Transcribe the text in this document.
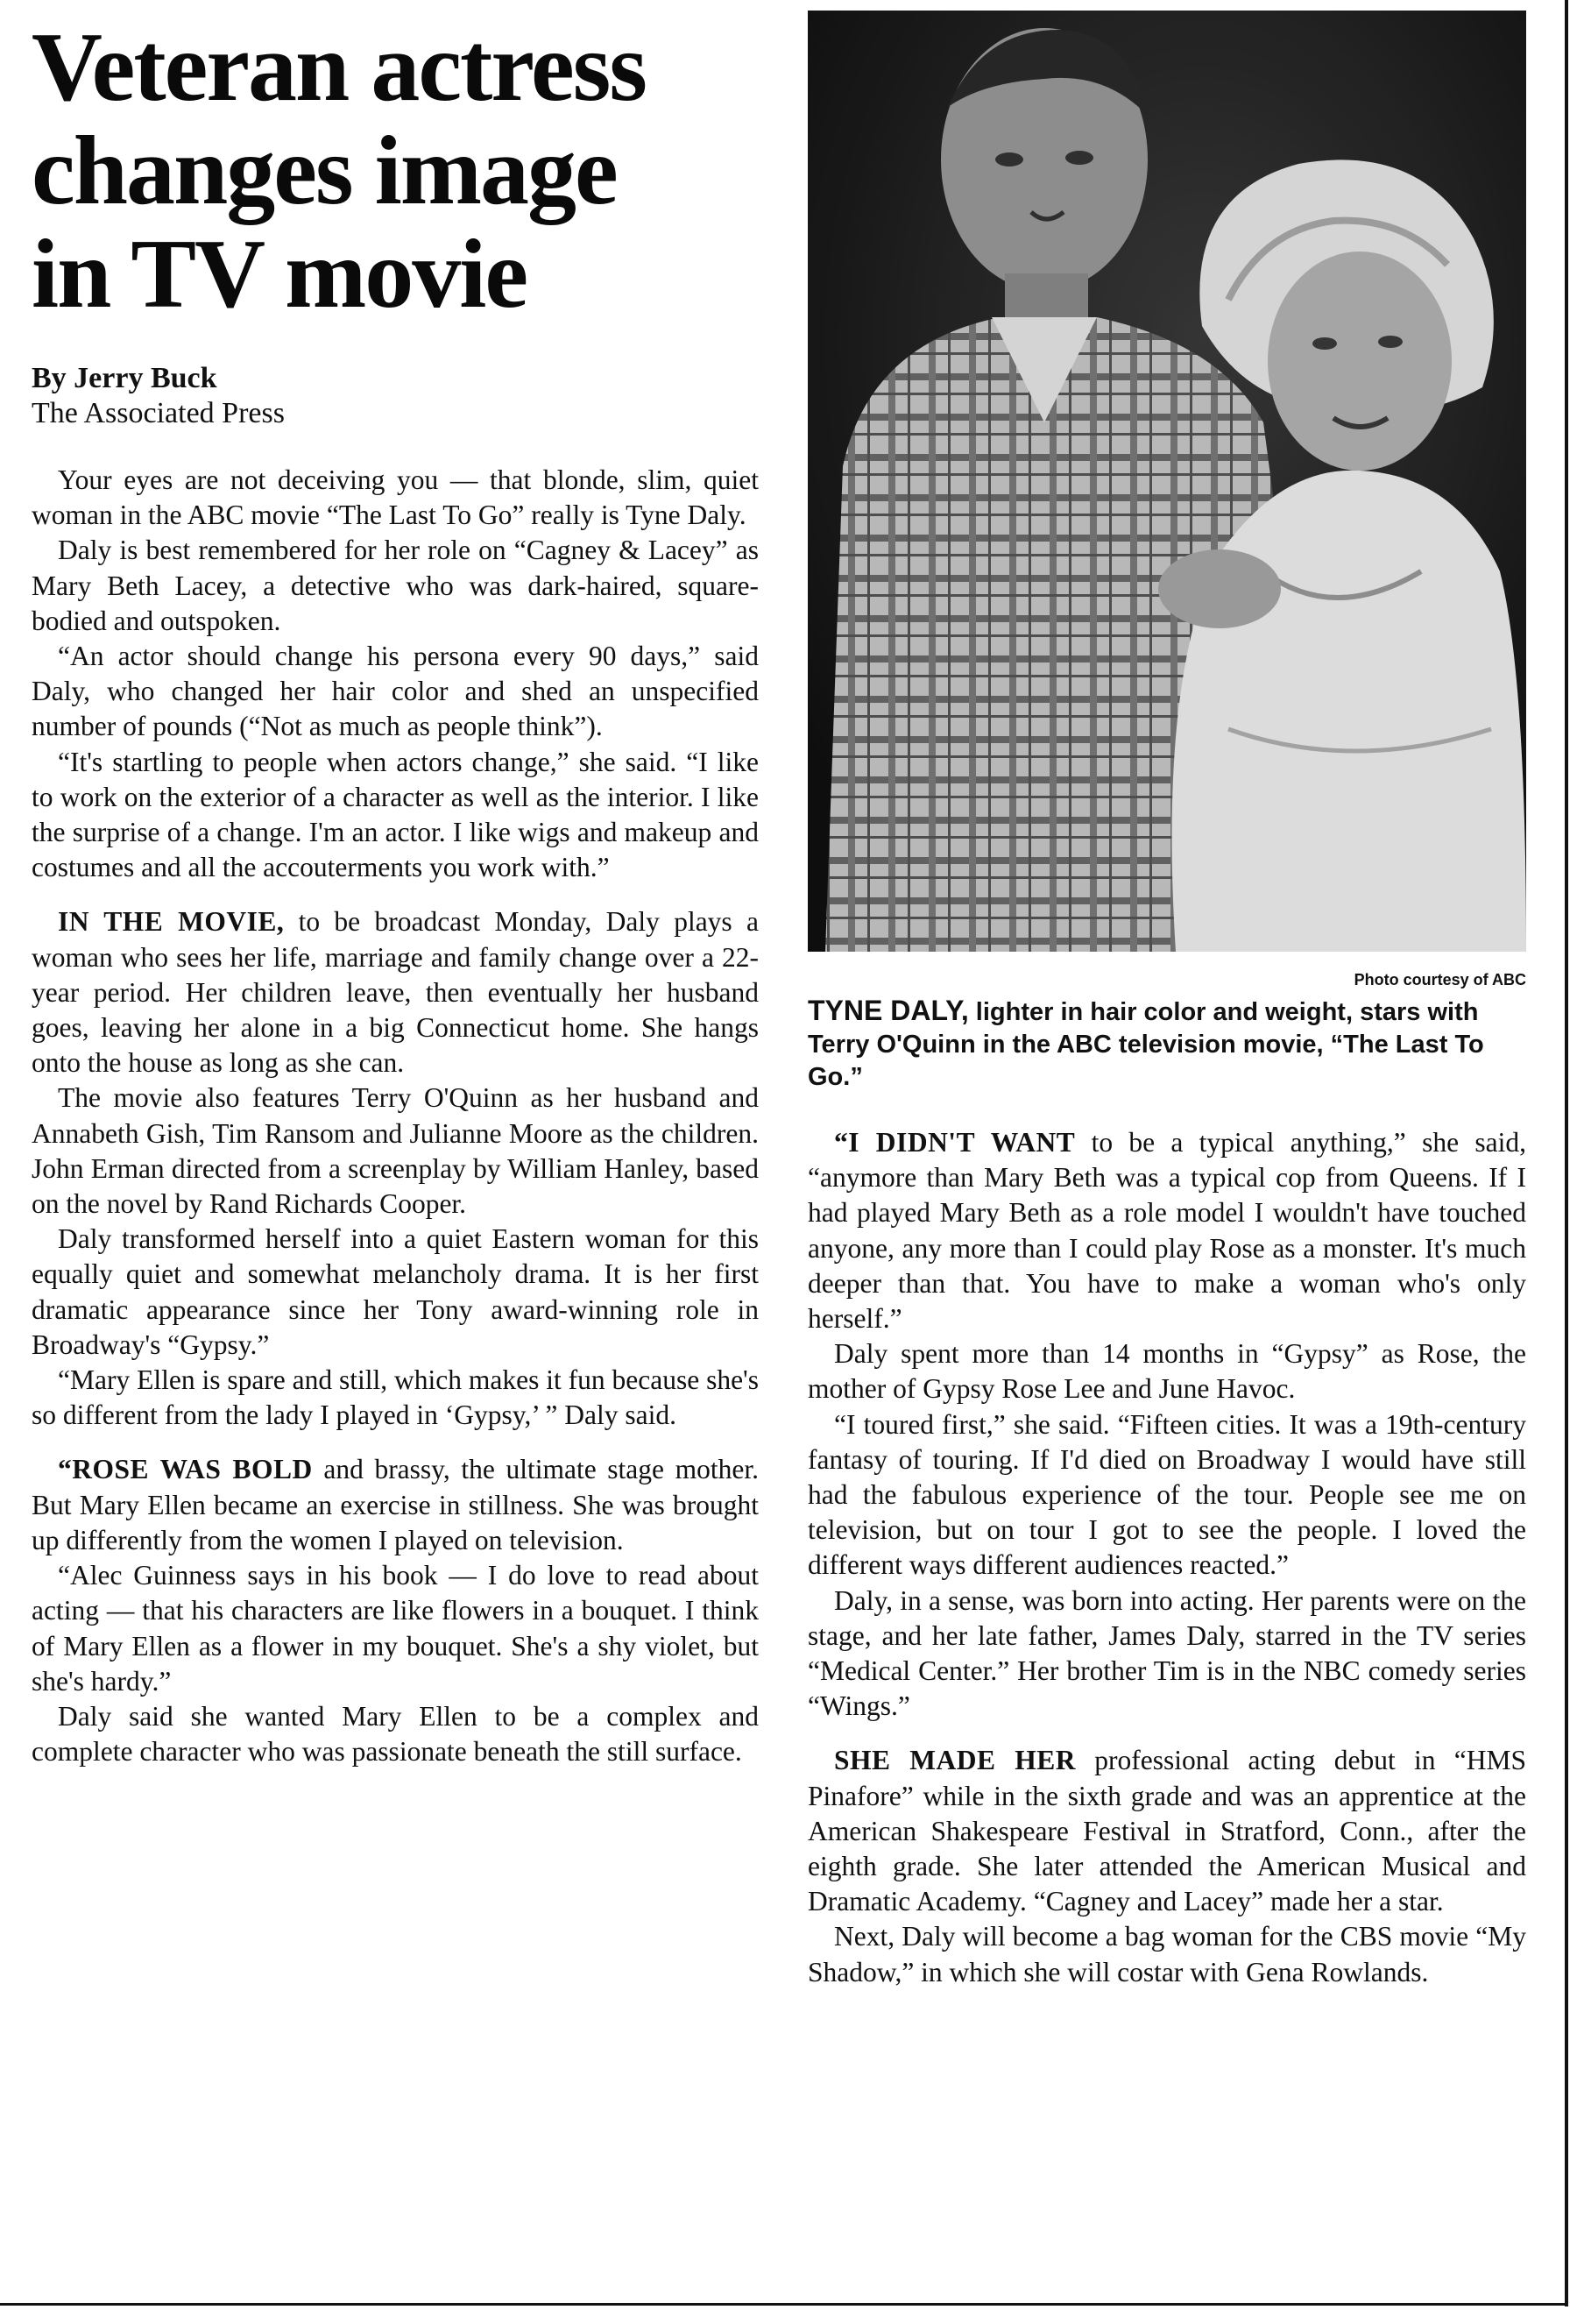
Veteran actress
changes image
in TV movie
By Jerry Buck
The Associated Press

Your eyes are not deceiving you — that blonde, slim, quiet woman in the ABC movie “The Last To Go” really is Tyne Daly.

Daly is best remembered for her role on “Cagney & Lacey” as Mary Beth Lacey, a detective who was dark-haired, square-bodied and outspoken.

“An actor should change his persona every 90 days,” said Daly, who changed her hair color and shed an unspecified number of pounds (“Not as much as people think”).

“It's startling to people when actors change,” she said. “I like to work on the exterior of a character as well as the interior. I like the surprise of a change. I'm an actor. I like wigs and makeup and costumes and all the accouterments you work with.”

IN THE MOVIE, to be broadcast Monday, Daly plays a woman who sees her life, marriage and family change over a 22-year period. Her children leave, then eventually her husband goes, leaving her alone in a big Connecticut home. She hangs onto the house as long as she can.

The movie also features Terry O'Quinn as her husband and Annabeth Gish, Tim Ransom and Julianne Moore as the children. John Erman directed from a screenplay by William Hanley, based on the novel by Rand Richards Cooper.

Daly transformed herself into a quiet Eastern woman for this equally quiet and somewhat melancholy drama. It is her first dramatic appearance since her Tony award-winning role in Broadway's “Gypsy.”

“Mary Ellen is spare and still, which makes it fun because she's so different from the lady I played in ‘Gypsy,’ ” Daly said.

“ROSE WAS BOLD and brassy, the ultimate stage mother. But Mary Ellen became an exercise in stillness. She was brought up differently from the women I played on television.

“Alec Guinness says in his book — I do love to read about acting — that his characters are like flowers in a bouquet. I think of Mary Ellen as a flower in my bouquet. She's a shy violet, but she's hardy.”

Daly said she wanted Mary Ellen to be a complex and complete character who was passionate beneath the still surface.

Photo courtesy of ABC
TYNE DALY, lighter in hair color and weight, stars with Terry O'Quinn in the ABC television movie, “The Last To Go.”

“I DIDN'T WANT to be a typical anything,” she said, “anymore than Mary Beth was a typical cop from Queens. If I had played Mary Beth as a role model I wouldn't have touched anyone, any more than I could play Rose as a monster. It's much deeper than that. You have to make a woman who's only herself.”

Daly spent more than 14 months in “Gypsy” as Rose, the mother of Gypsy Rose Lee and June Havoc.

“I toured first,” she said. “Fifteen cities. It was a 19th-century fantasy of touring. If I'd died on Broadway I would have still had the fabulous experience of the tour. People see me on television, but on tour I got to see the people. I loved the different ways different audiences reacted.”

Daly, in a sense, was born into acting. Her parents were on the stage, and her late father, James Daly, starred in the TV series “Medical Center.” Her brother Tim is in the NBC comedy series “Wings.”

SHE MADE HER professional acting debut in “HMS Pinafore” while in the sixth grade and was an apprentice at the American Shakespeare Festival in Stratford, Conn., after the eighth grade. She later attended the American Musical and Dramatic Academy. “Cagney and Lacey” made her a star.

Next, Daly will become a bag woman for the CBS movie “My Shadow,” in which she will costar with Gena Rowlands.
